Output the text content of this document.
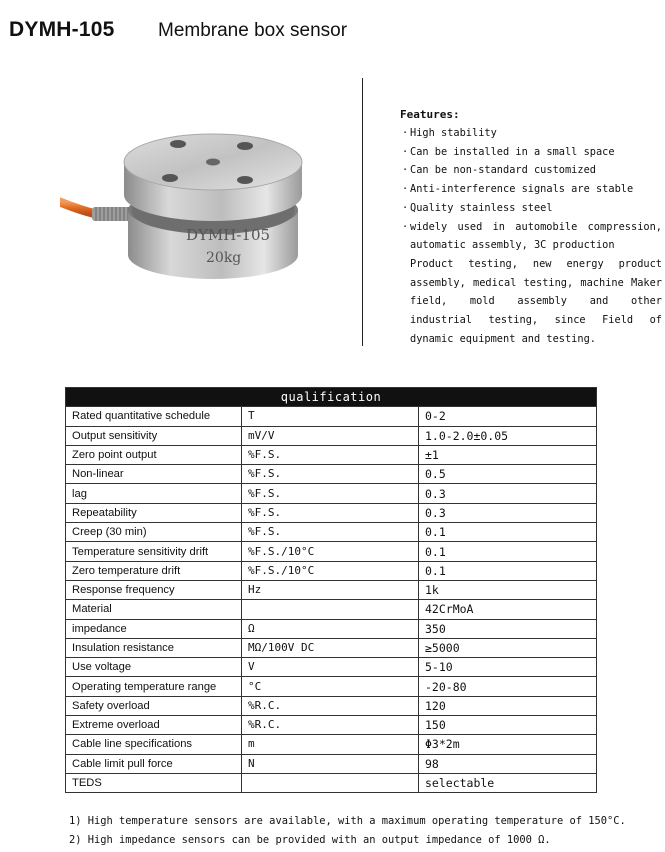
DYMH-105 Membrane box sensor
DYMH-105
20kg
Features:
· High stability
· Can be installed in a small space
· Can be non-standard customized
· Anti-interference signals are stable
· Quality stainless steel
· widely used in automobile compression, automatic assembly, 3C production
Product testing, new energy product assembly, medical testing, machine Maker field, mold assembly and other industrial testing, since Field of dynamic equipment and testing.
qualification		
Rated quantitative schedule	T	0-2
Output sensitivity	mV/V	1.0-2.0±0.05
Zero point output	%F.S.	±1
Non-linear	%F.S.	0.5
lag	%F.S.	0.3
Repeatability	%F.S.	0.3
Creep (30 min)	%F.S.	0.1
Temperature sensitivity drift	%F.S./10°C	0.1
Zero temperature drift	%F.S./10°C	0.1
Response frequency	Hz	1k
Material		42CrMoA
impedance	Ω	350
Insulation resistance	MΩ/100V DC	≥5000
Use voltage	V	5-10
Operating temperature range	°C	-20-80
Safety overload	%R.C.	120
Extreme overload	%R.C.	150
Cable line specifications	m	Φ3*2m
Cable limit pull force	N	98
TEDS		selectable
1) High temperature sensors are available, with a maximum operating temperature of 150°C.
2) High impedance sensors can be provided with an output impedance of 1000 Ω.
